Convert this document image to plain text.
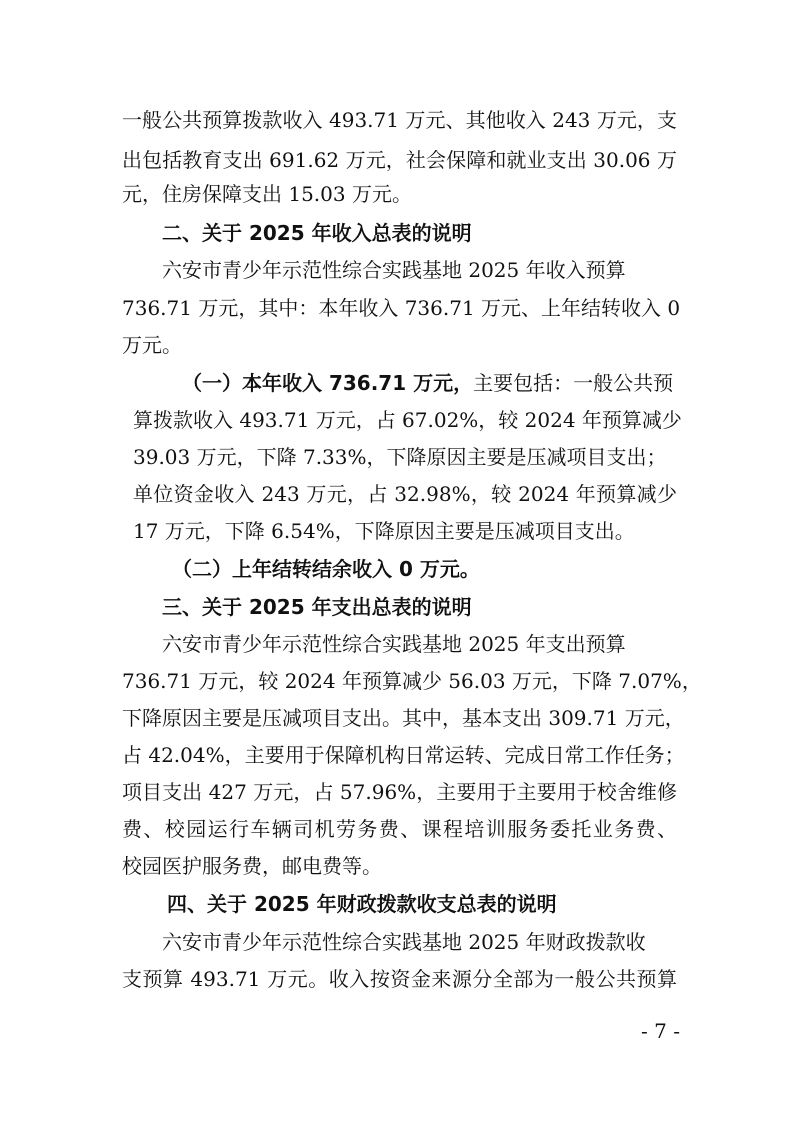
一般公共预算拨款收入 493.71 万元、其他收入 243 万元，支
出包括教育支出 691.62 万元，社会保障和就业支出 30.06 万
元，住房保障支出 15.03 万元。
二、关于 2025 年收入总表的说明
六安市青少年示范性综合实践基地 2025 年收入预算
736.71 万元，其中：本年收入 736.71 万元、上年结转收入 0
万元。
（一）本年收入 736.71 万元，主要包括：一般公共预
算拨款收入 493.71 万元，占 67.02%，较 2024 年预算减少
39.03 万元，下降 7.33%，下降原因主要是压减项目支出；
单位资金收入 243 万元，占 32.98%，较 2024 年预算减少
17 万元，下降 6.54%，下降原因主要是压减项目支出。
（二）上年结转结余收入 0 万元。
三、关于 2025 年支出总表的说明
六安市青少年示范性综合实践基地 2025 年支出预算
736.71 万元，较 2024 年预算减少 56.03 万元，下降 7.07%，
下降原因主要是压减项目支出。其中，基本支出 309.71 万元，
占 42.04%，主要用于保障机构日常运转、完成日常工作任务；
项目支出 427 万元，占 57.96%，主要用于主要用于校舍维修
费、校园运行车辆司机劳务费、课程培训服务委托业务费、
校园医护服务费，邮电费等。
四、关于 2025 年财政拨款收支总表的说明
六安市青少年示范性综合实践基地 2025 年财政拨款收
支预算 493.71 万元。收入按资金来源分全部为一般公共预算
- 7 -
